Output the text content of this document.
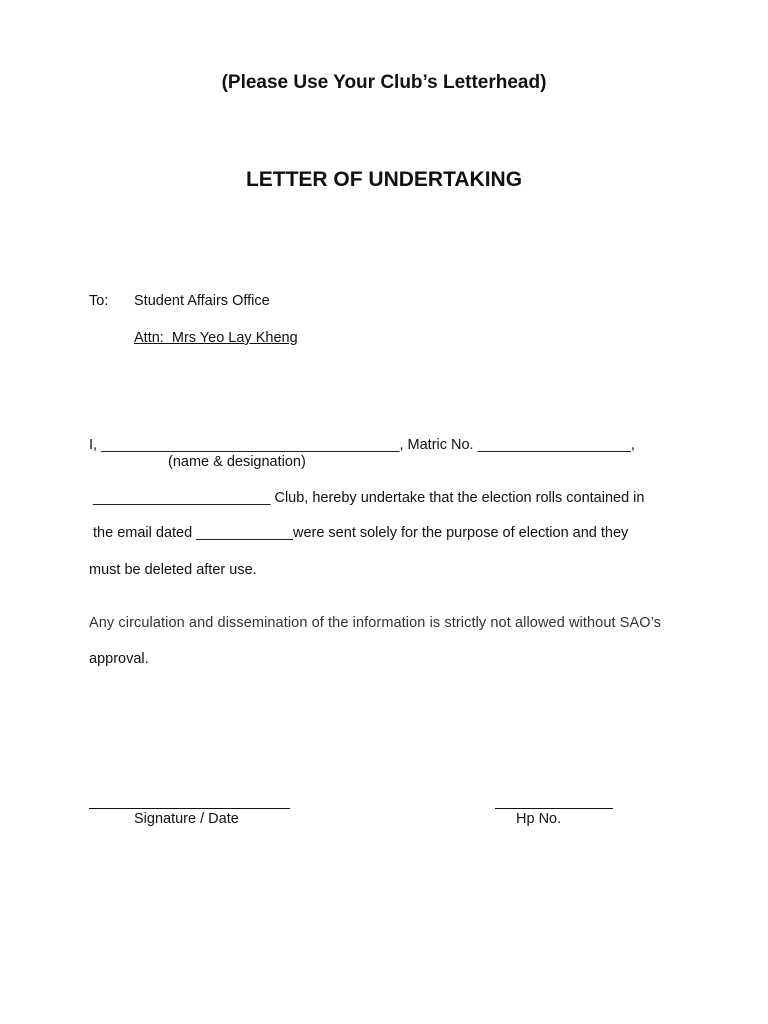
(Please Use Your Club’s Letterhead)
LETTER OF UNDERTAKING
To: Student Affairs Office
Attn:  Mrs Yeo Lay Kheng
I, _____________________________________, Matric No. ___________________,
(name & designation)
______________________ Club, hereby undertake that the election rolls contained in
the email dated ____________were sent solely for the purpose of election and they
must be deleted after use.
Any circulation and dissemination of the information is strictly not allowed without SAO’s
approval.
Signature / Date	Hp No.
